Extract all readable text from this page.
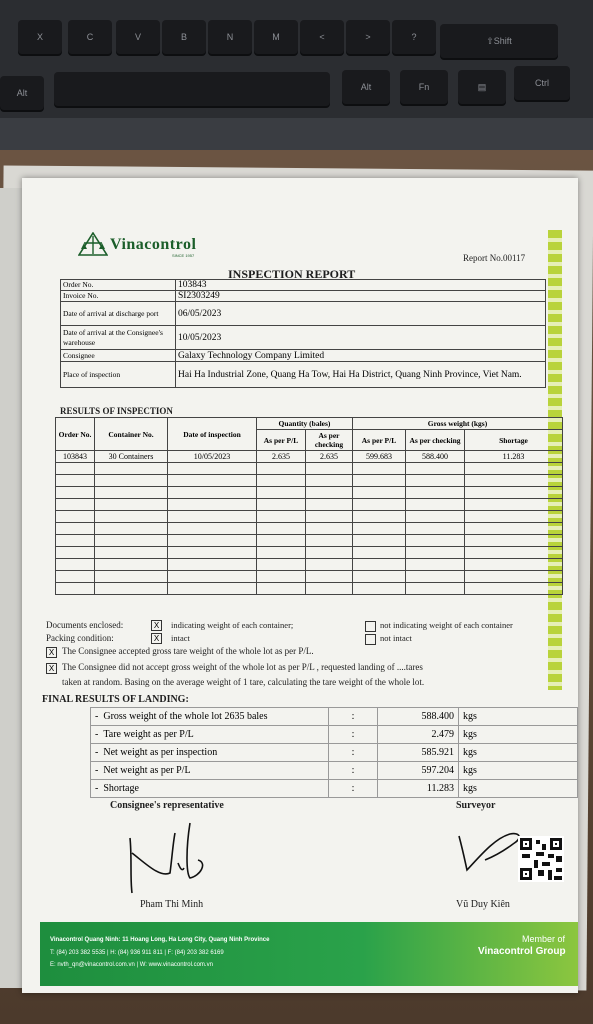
X	C	V	B	N	M	<	>	?	⇧Shift
Alt
Alt	Fn	▤	Ctrl
Vinacontrol
SINCE 1957	Report No.00117
INSPECTION REPORT
Order No.	103843
Invoice No.	SI2303249
Date of arrival at discharge port	06/05/2023
Date of arrival at the Consignee's warehouse	10/05/2023
Consignee	Galaxy Technology Company Limited
Place of inspection	Hai Ha Industrial Zone, Quang Ha Tow, Hai Ha District, Quang Ninh Province, Viet Nam.
RESULTS OF INSPECTION
Order No.	Container No.	Date of inspection	Quantity (bales)		Gross weight (kgs)		
			As per P/L	As per checking	As per P/L	As per checking	Shortage
103843	30 Containers	10/05/2023	2.635	2.635	599.683	588.400	11.283

Documents enclosed:	X	indicating weight of each container;	not indicating weight of each container
Packing condition:	X	intact	not intact
X The Consignee accepted gross tare weight of the whole lot as per P/L.
X The Consignee did not accept gross weight of the whole lot as per P/L , requested landing of ....tares
taken at random. Basing on the average weight of 1 tare, calculating the tare weight of the whole lot.
FINAL RESULTS OF LANDING:
-  Gross weight of the whole lot 2635 bales	:	588.400	kgs
-  Tare weight as per P/L	:	2.479	kgs
-  Net weight as per inspection	:	585.921	kgs
-  Net weight as per P/L	:	597.204	kgs
-  Shortage	:	11.283	kgs
Consignee's representative	Surveyor
Pham Thi Minh	Vũ Duy Kiên
Vinacontrol Quang Ninh: 11 Hoang Long, Ha Long City, Quang Ninh Province
T: (84) 203 382 5535 | H: (84) 936 911 811 | F: (84) 203 382 6169
E: nvth_qn@vinacontrol.com.vn | W: www.vinacontrol.com.vn
Member of
Vinacontrol Group
